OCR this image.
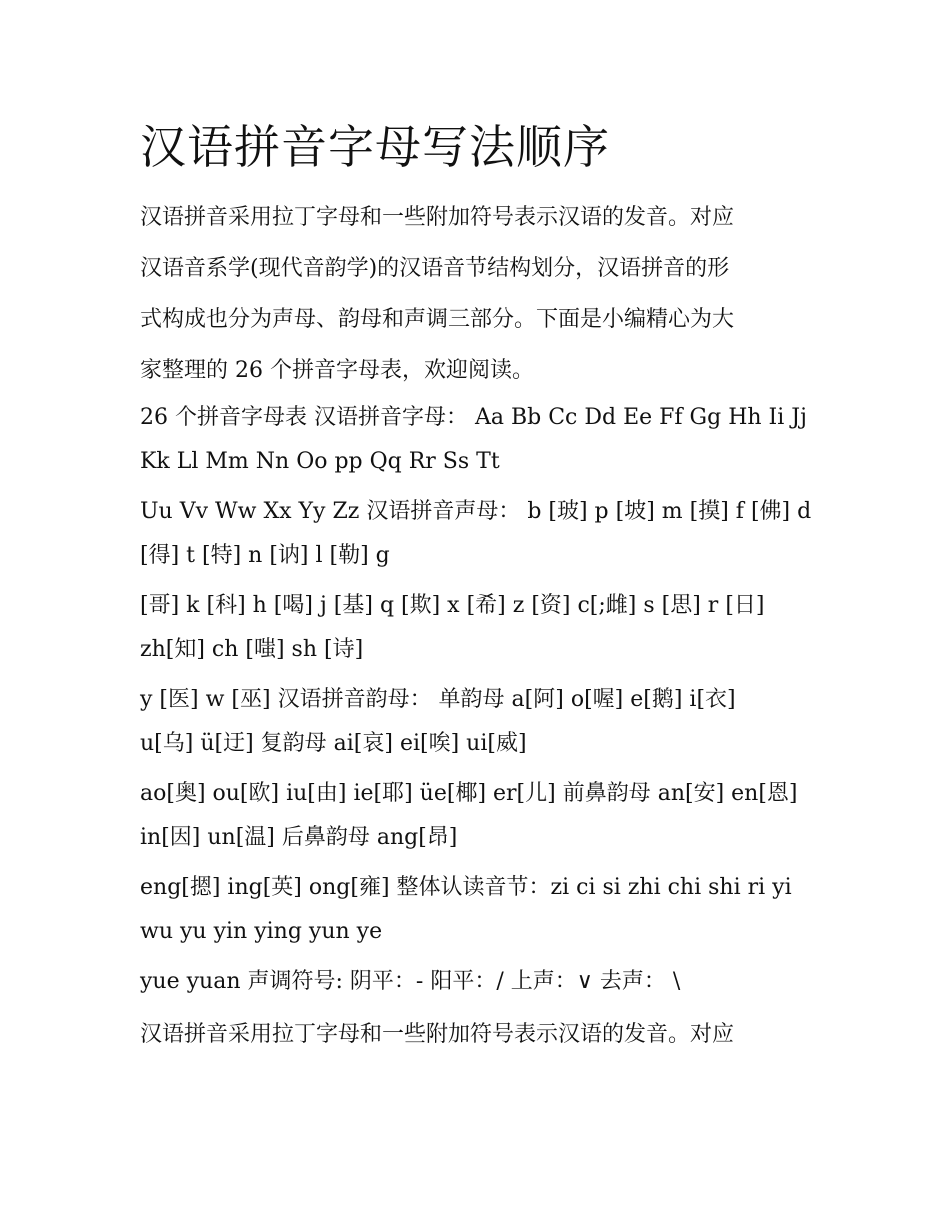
汉语拼音字母写法顺序

汉语拼音采用拉丁字母和一些附加符号表示汉语的发音。对应

汉语音系学(现代音韵学)的汉语音节结构划分，汉语拼音的形

式构成也分为声母、韵母和声调三部分。下面是小编精心为大

家整理的 26 个拼音字母表，欢迎阅读。

26 个拼音字母表 汉语拼音字母： Aa Bb Cc Dd Ee Ff Gg Hh Ii Jj

Kk Ll Mm Nn Oo pp Qq Rr Ss Tt

Uu Vv Ww Xx Yy Zz 汉语拼音声母： b [玻] p [坡] m [摸] f [佛] d

[得] t [特] n [讷] l [勒] g

[哥] k [科] h [喝] j [基] q [欺] x [希] z [资] c[;雌] s [思] r [日]

zh[知] ch [嗤] sh [诗]

y [医] w [巫] 汉语拼音韵母： 单韵母 a[阿] o[喔] e[鹅] i[衣]

u[乌] ü[迂] 复韵母 ai[哀] ei[唉] ui[威]

ao[奥] ou[欧] iu[由] ie[耶] üe[椰] er[儿] 前鼻韵母 an[安] en[恩]

in[因] un[温] 后鼻韵母 ang[昂]

eng[摁] ing[英] ong[雍] 整体认读音节：zi ci si zhi chi shi ri yi

wu yu yin ying yun ye

yue yuan 声调符号: 阴平：- 阳平：/ 上声：∨ 去声： \

汉语拼音采用拉丁字母和一些附加符号表示汉语的发音。对应
